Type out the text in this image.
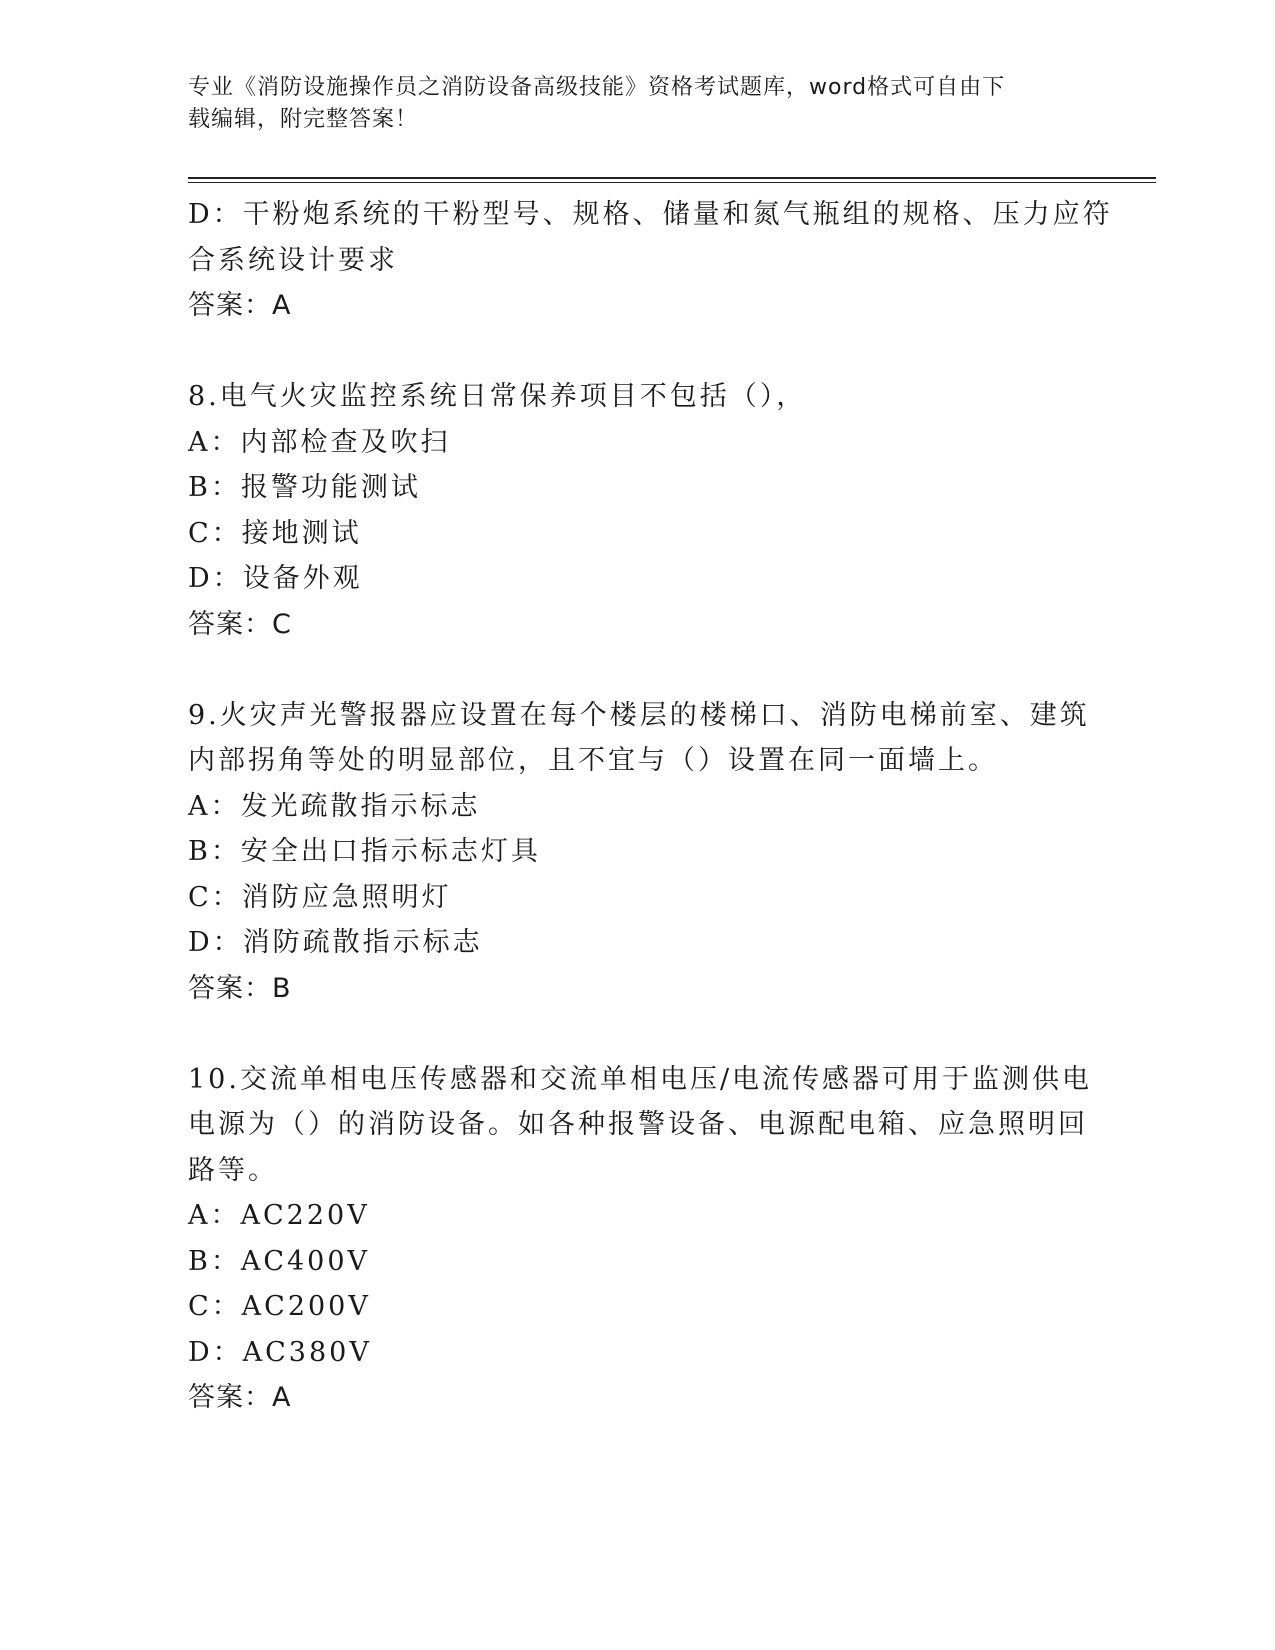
专业《消防设施操作员之消防设备高级技能》资格考试题库，word格式可自由下
载编辑，附完整答案！
D：干粉炮系统的干粉型号、规格、储量和氮气瓶组的规格、压力应符
合系统设计要求
答案：A
8.电气火灾监控系统日常保养项目不包括（），
A：内部检查及吹扫
B：报警功能测试
C：接地测试
D：设备外观
答案：C
9.火灾声光警报器应设置在每个楼层的楼梯口、消防电梯前室、建筑
内部拐角等处的明显部位，且不宜与（）设置在同一面墙上。
A：发光疏散指示标志
B：安全出口指示标志灯具
C：消防应急照明灯
D：消防疏散指示标志
答案：B
10.交流单相电压传感器和交流单相电压/电流传感器可用于监测供电
电源为（）的消防设备。如各种报警设备、电源配电箱、应急照明回
路等。
A：AC220V
B：AC400V
C：AC200V
D：AC380V
答案：A
